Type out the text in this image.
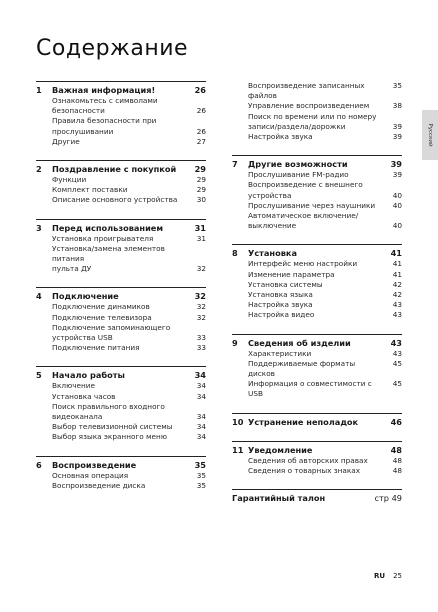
Содержание
1	Важная информация!	26
Ознакомьтесь с символами
безопасности	26
Правила безопасности при
прослушивании	26
Другие	27
2	Поздравление с покупкой	29
Функции	29
Комплект поставки	29
Описание основного устройства	30
3	Перед использованием	31
Установка проигрывателя	31
Установка/замена элементов питания
пульта ДУ	32
4	Подключение	32
Подключение динамиков	32
Подключение телевизора	32
Подключение запоминающего
устройства USB	33
Подключение питания	33
5	Начало работы	34
Включение	34
Установка часов	34
Поиск правильного входного
видеоканала	34
Выбор телевизионной системы	34
Выбор языка экранного меню	34
6	Воспроизведение	35
Основная операция	35
Воспроизведение диска	35
Воспроизведение записанных файлов
35
Управление воспроизведением	38
Поиск по времени или по номеру
записи/раздела/дорожки	39
Настройка звука	39
7	Другие возможности	39
Прослушивание FM-радио	39
Воспроизведение с внешнего
устройства	40
Прослушивание через наушники	40
Автоматическое включение/
выключение	40
8	Установка	41
Интерфейс меню настройки	41
Изменение параметра	41
Установка системы	42
Установка языка	42
Настройка звука	43
Настройка видео	43
9	Сведения об изделии	43
Характеристики	43
Поддерживаемые форматы дисков
45
Информация о совместимости с USB
45
10 Устранение неполадок	46
11 Уведомление	48
Сведения об авторских правах	48
Сведения о товарных знаках	48
Гарантийный талон	стр 49
Русский
RU 25
